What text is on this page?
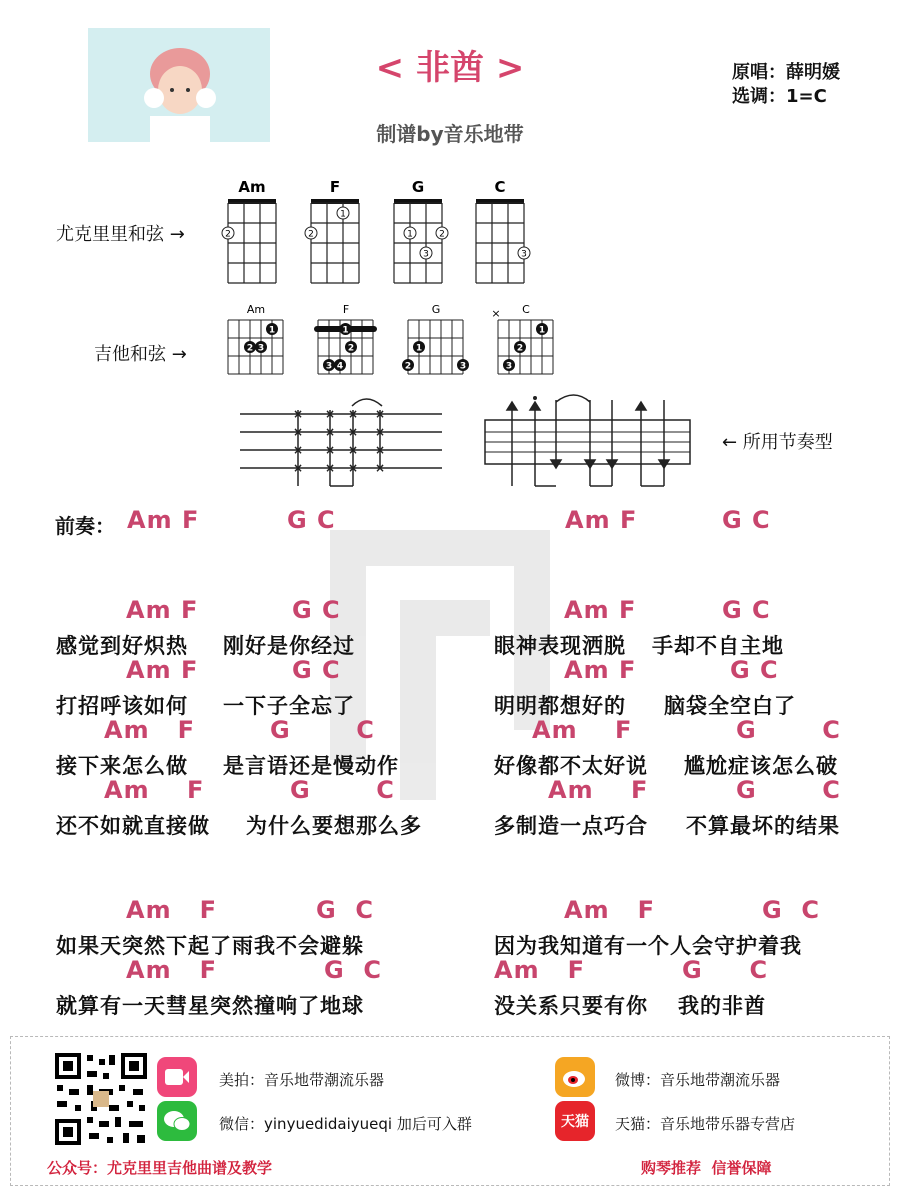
< 非酋 >
制谱by音乐地带
原唱：薛明媛
选调：1=C
尤克里里和弦 →
Am
2
F
2
1
G
1
3
2
C
3
吉他和弦 →
Am
2 3
1
F
1
2
3 4
G
1
2	3
C
×
1
2
3
×
×
×
×
×
×
×
×
×
×
×
×
×
×
×
×
← 所用节奏型
前奏： Am F	G C	Am F	G C
Am F
感觉到好炽热
G C
刚好是你经过
Am F
眼神表现洒脱
G C
手却不自主地
Am F
打招呼该如何
G C
一下子全忘了
Am F
明明都想好的
G C
脑袋全空白了
Am   F
接下来怎么做
G       C
是言语还是慢动作
Am    F
好像都不太好说
G       C
尴尬症该怎么破
Am    F
还不如就直接做
G       C
为什么要想那么多
Am    F
多制造一点巧合
G       C
不算最坏的结果
Am   F	G  C
如果天突然下起了雨我不会避躲
Am   F	G  C
因为我知道有一个人会守护着我
Am   F	G  C
就算有一天彗星突然撞响了地球
Am   F	G     C
没关系只要有你 我的非酋
美拍：音乐地带潮流乐器
微信：yinyuedidaiyueqi 加后可入群
微博：音乐地带潮流乐器
天猫	天猫：音乐地带乐器专营店
公众号：尤克里里吉他曲谱及教学	购琴推荐  信誉保障
